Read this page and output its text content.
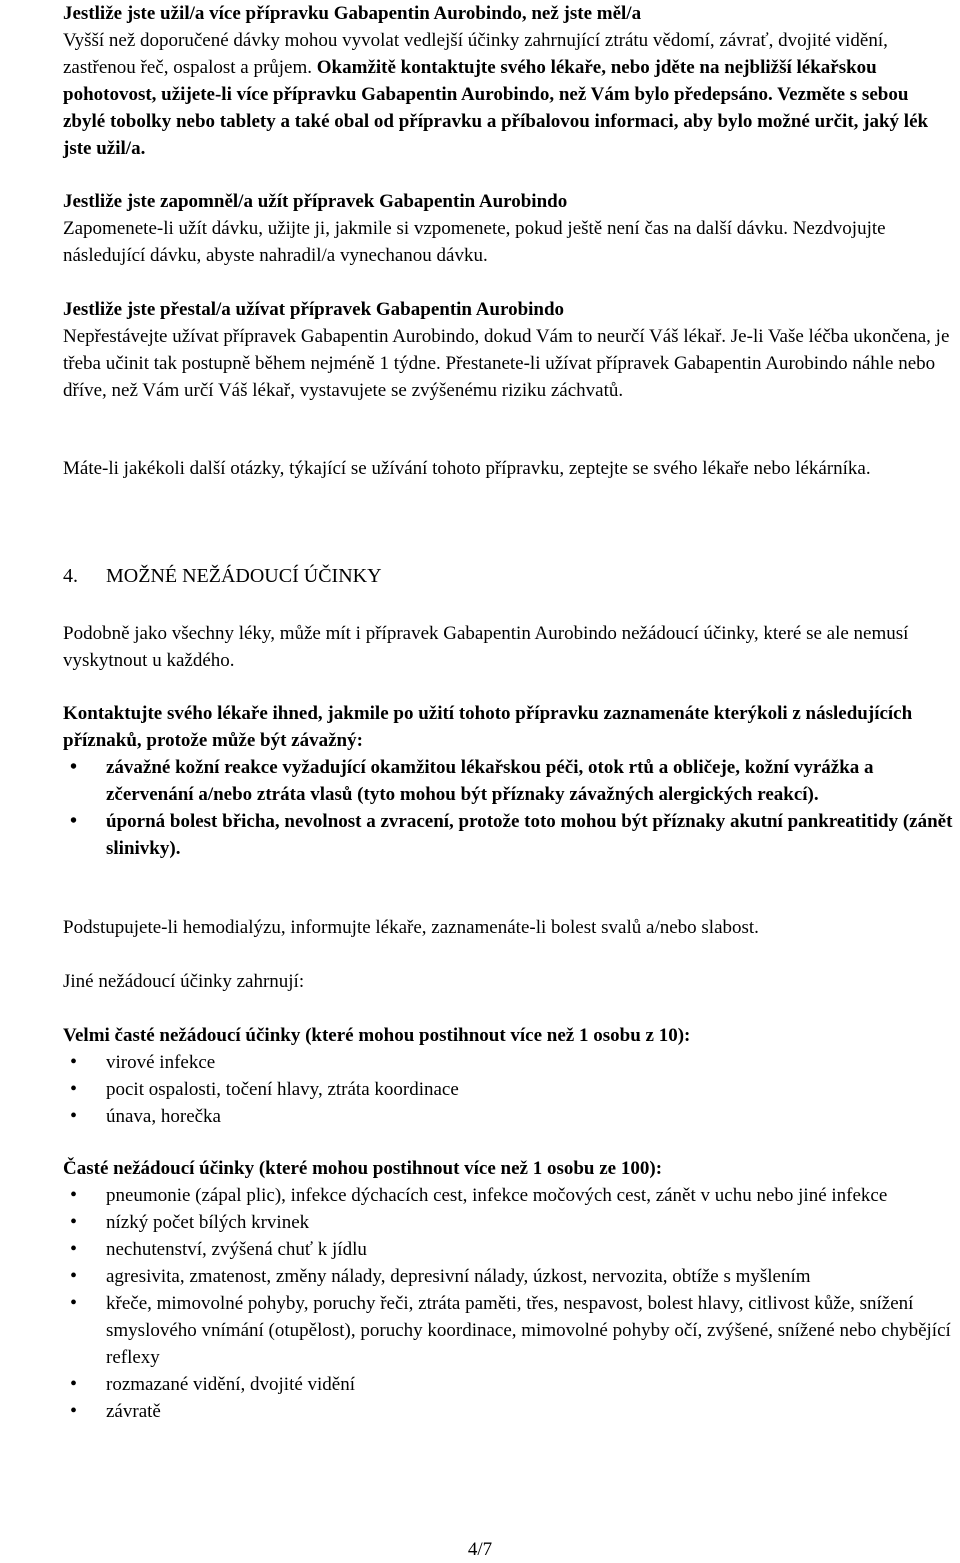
Jestliže jste užil/a více přípravku Gabapentin Aurobindo, než jste měl/a

Vyšší než doporučené dávky mohou vyvolat vedlejší účinky zahrnující ztrátu vědomí, závrať, dvojité vidění, zastřenou řeč, ospalost a průjem. Okamžitě kontaktujte svého lékaře, nebo jděte na nejbližší lékařskou pohotovost, užijete-li více přípravku Gabapentin Aurobindo, než Vám bylo předepsáno. Vezměte s sebou zbylé tobolky nebo tablety a také obal od přípravku a příbalovou informaci, aby bylo možné určit, jaký lék jste užil/a.

Jestliže jste zapomněl/a užít přípravek Gabapentin Aurobindo

Zapomenete-li užít dávku, užijte ji, jakmile si vzpomenete, pokud ještě není čas na další dávku. Nezdvojujte následující dávku, abyste nahradil/a vynechanou dávku.

Jestliže jste přestal/a užívat přípravek Gabapentin Aurobindo

Nepřestávejte užívat přípravek Gabapentin Aurobindo, dokud Vám to neurčí Váš lékař. Je-li Vaše léčba ukončena, je třeba učinit tak postupně během nejméně 1 týdne. Přestanete-li užívat přípravek Gabapentin Aurobindo náhle nebo dříve, než Vám určí Váš lékař, vystavujete se zvýšenému riziku záchvatů.

Máte-li jakékoli další otázky, týkající se užívání tohoto přípravku, zeptejte se svého lékaře nebo lékárníka.

4. MOŽNÉ NEŽÁDOUCÍ ÚČINKY

Podobně jako všechny léky, může mít i přípravek Gabapentin Aurobindo nežádoucí účinky, které se ale nemusí vyskytnout u každého.

Kontaktujte svého lékaře ihned, jakmile po užití tohoto přípravku zaznamenáte kterýkoli z následujících příznaků, protože může být závažný:

• závažné kožní reakce vyžadující okamžitou lékařskou péči, otok rtů a obličeje, kožní vyrážka a zčervenání a/nebo ztráta vlasů (tyto mohou být příznaky závažných alergických reakcí).
• úporná bolest břicha, nevolnost a zvracení, protože toto mohou být příznaky akutní pankreatitidy (zánět slinivky).

Podstupujete-li hemodialýzu, informujte lékaře, zaznamenáte-li bolest svalů a/nebo slabost.

Jiné nežádoucí účinky zahrnují:

Velmi časté nežádoucí účinky (které mohou postihnout více než 1 osobu z 10):

• virové infekce
• pocit ospalosti, točení hlavy, ztráta koordinace
• únava, horečka

Časté nežádoucí účinky (které mohou postihnout více než 1 osobu ze 100):

• pneumonie (zápal plic), infekce dýchacích cest, infekce močových cest, zánět v uchu nebo jiné infekce
• nízký počet bílých krvinek
• nechutenství, zvýšená chuť k jídlu
• agresivita, zmatenost, změny nálady, depresivní nálady, úzkost, nervozita, obtíže s myšlením
• křeče, mimovolné pohyby, poruchy řeči, ztráta paměti, třes, nespavost, bolest hlavy, citlivost kůže, snížení smyslového vnímání (otupělost), poruchy koordinace, mimovolné pohyby očí, zvýšené, snížené nebo chybějící reflexy
• rozmazané vidění, dvojité vidění
• závratě
4/7
